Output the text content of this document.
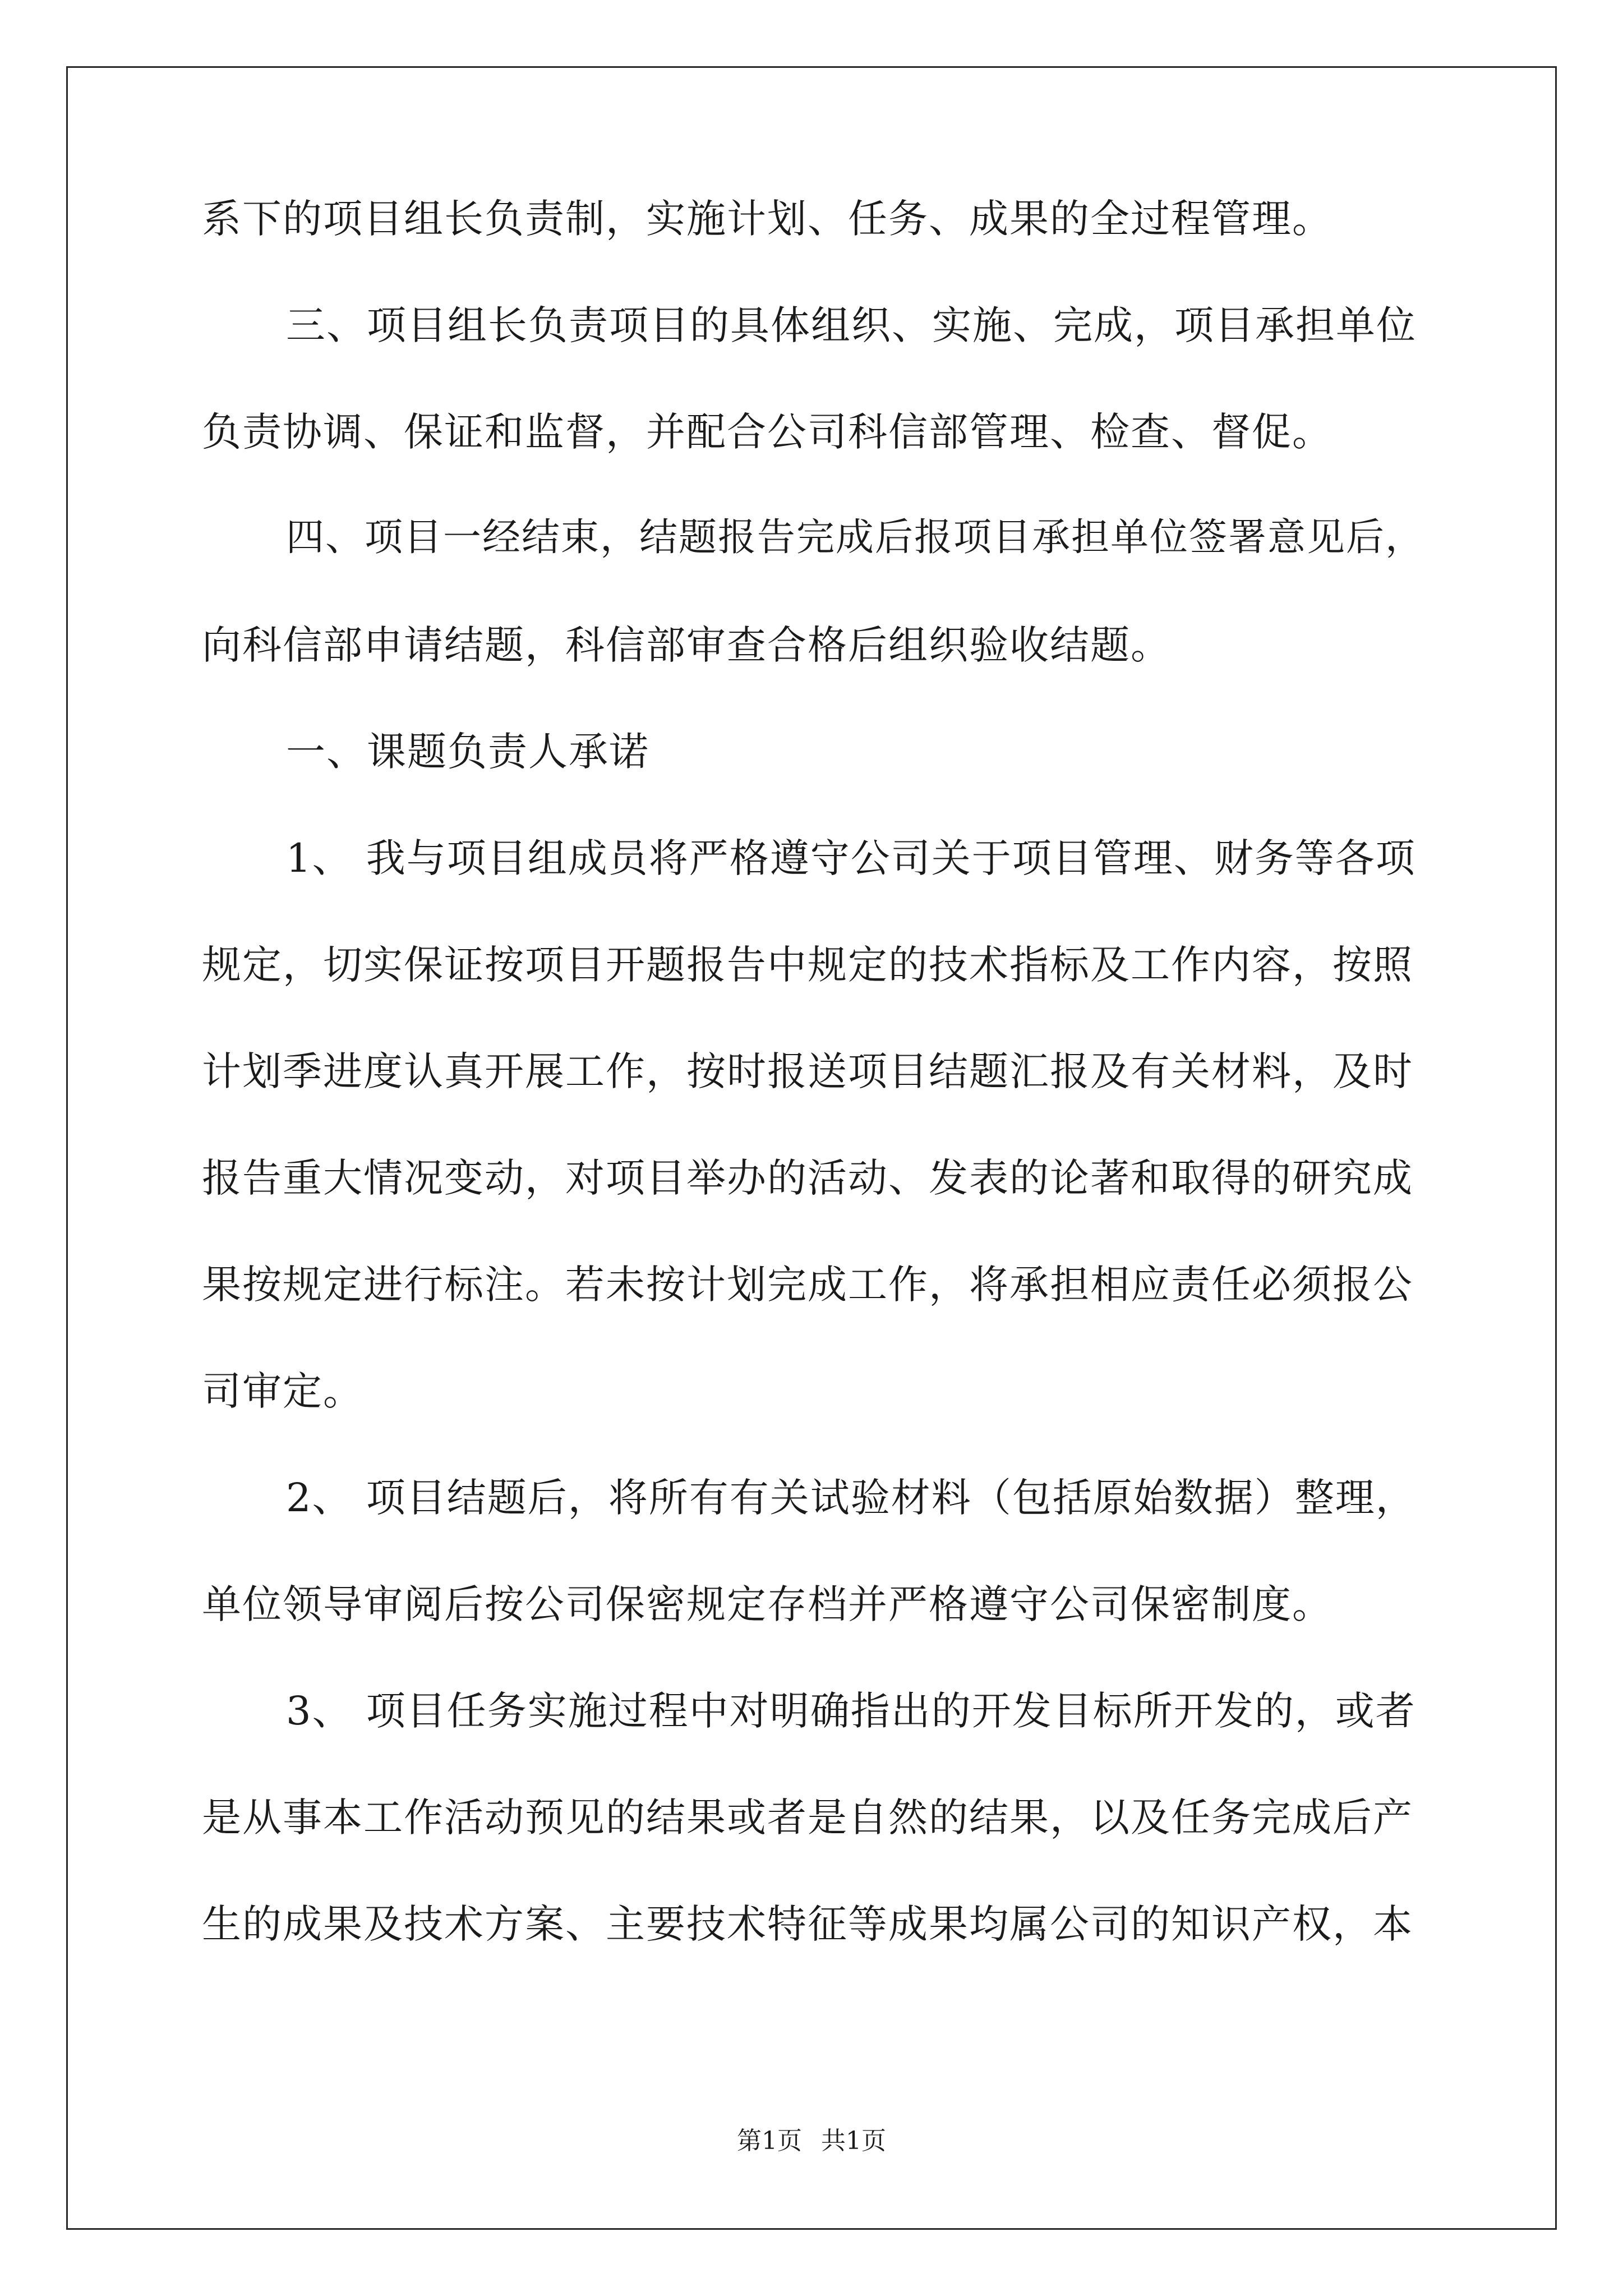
系下的项目组长负责制，实施计划、任务、成果的全过程管理。
三、项目组长负责项目的具体组织、实施、完成，项目承担单位
负责协调、保证和监督，并配合公司科信部管理、检查、督促。
四、项目一经结束，结题报告完成后报项目承担单位签署意见后，
向科信部申请结题，科信部审查合格后组织验收结题。
一、课题负责人承诺
1、 我与项目组成员将严格遵守公司关于项目管理、财务等各项
规定，切实保证按项目开题报告中规定的技术指标及工作内容，按照
计划季进度认真开展工作，按时报送项目结题汇报及有关材料，及时
报告重大情况变动，对项目举办的活动、发表的论著和取得的研究成
果按规定进行标注。若未按计划完成工作，将承担相应责任必须报公
司审定。
2、 项目结题后，将所有有关试验材料（包括原始数据）整理，
单位领导审阅后按公司保密规定存档并严格遵守公司保密制度。
3、 项目任务实施过程中对明确指出的开发目标所开发的，或者
是从事本工作活动预见的结果或者是自然的结果，以及任务完成后产
生的成果及技术方案、主要技术特征等成果均属公司的知识产权，本
第1页 共1页
